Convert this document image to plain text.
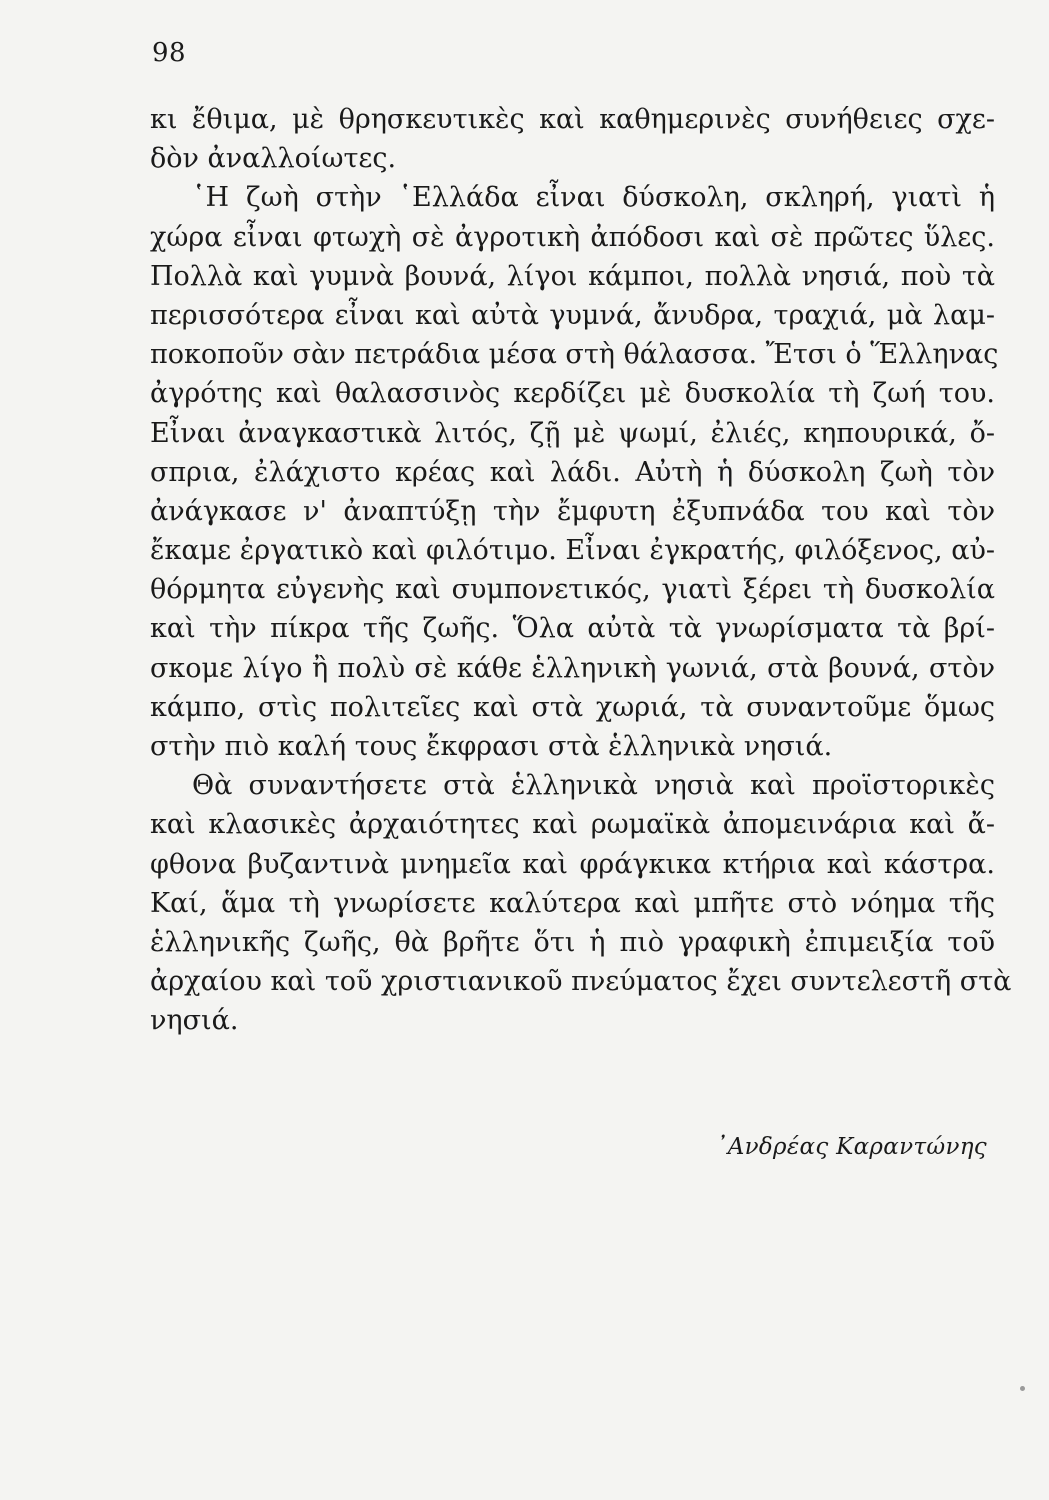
98
κι ἔθιμα, μὲ θρησκευτικὲς καὶ καθημερινὲς συνήθειες σχε-
δὸν ἀναλλοίωτες.
῾Η ζωὴ στὴν ῾Ελλάδα εἶναι δύσκολη, σκληρή, γιατὶ ἡ
χώρα εἶναι φτωχὴ σὲ ἀγροτικὴ ἀπόδοσι καὶ σὲ πρῶτες ὕλες.
Πολλὰ καὶ γυμνὰ βουνά, λίγοι κάμποι, πολλὰ νησιά, ποὺ τὰ
περισσότερα εἶναι καὶ αὐτὰ γυμνά, ἄνυδρα, τραχιά, μὰ λαμ-
ποκοποῦν σὰν πετράδια μέσα στὴ θάλασσα. Ἔτσι ὁ Ἕλληνας
ἀγρότης καὶ θαλασσινὸς κερδίζει μὲ δυσκολία τὴ ζωή του.
Εἶναι ἀναγκαστικὰ λιτός, ζῇ μὲ ψωμί, ἐλιές, κηπουρικά, ὄ-
σπρια, ἐλάχιστο κρέας καὶ λάδι. Αὐτὴ ἡ δύσκολη ζωὴ τὸν
ἀνάγκασε ν' ἀναπτύξῃ τὴν ἔμφυτη ἐξυπνάδα του καὶ τὸν
ἔκαμε ἐργατικὸ καὶ φιλότιμο. Εἶναι ἐγκρατής, φιλόξενος, αὐ-
θόρμητα εὐγενὴς καὶ συμπονετικός, γιατὶ ξέρει τὴ δυσκολία
καὶ τὴν πίκρα τῆς ζωῆς. Ὅλα αὐτὰ τὰ γνωρίσματα τὰ βρί-
σκομε λίγο ἢ πολὺ σὲ κάθε ἑλληνικὴ γωνιά, στὰ βουνά, στὸν
κάμπο, στὶς πολιτεῖες καὶ στὰ χωριά, τὰ συναντοῦμε ὅμως
στὴν πιὸ καλή τους ἔκφρασι στὰ ἑλληνικὰ νησιά.
Θὰ συναντήσετε στὰ ἑλληνικὰ νησιὰ καὶ προϊστορικὲς
καὶ κλασικὲς ἀρχαιότητες καὶ ρωμαϊκὰ ἀπομεινάρια καὶ ἄ-
φθονα βυζαντινὰ μνημεῖα καὶ φράγκικα κτήρια καὶ κάστρα.
Καί, ἅμα τὴ γνωρίσετε καλύτερα καὶ μπῆτε στὸ νόημα τῆς
ἑλληνικῆς ζωῆς, θὰ βρῆτε ὅτι ἡ πιὸ γραφικὴ ἐπιμειξία τοῦ
ἀρχαίου καὶ τοῦ χριστιανικοῦ πνεύματος ἔχει συντελεστῆ στὰ
νησιά.
᾿Ανδρέας Καραντώνης
